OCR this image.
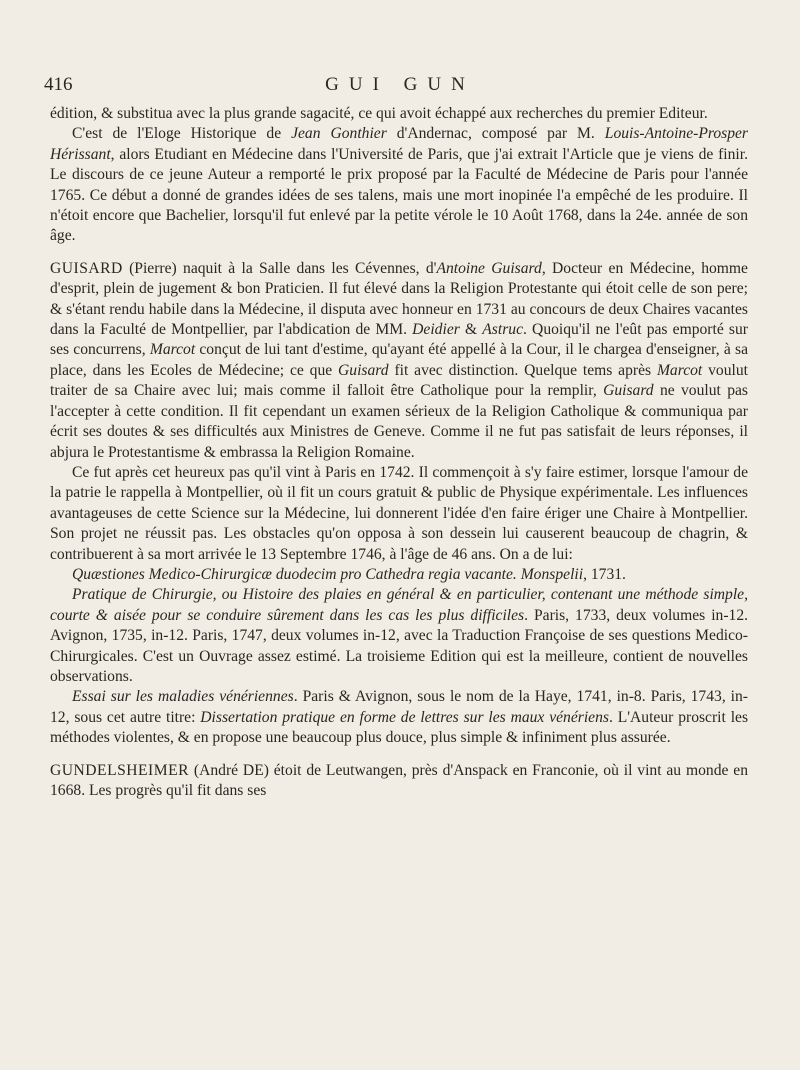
416	GUI GUN

édition, & substitua avec la plus grande sagacité, ce qui avoit échappé aux recherches du premier Editeur.

C'est de l'Eloge Historique de Jean Gonthier d'Andernac, composé par M. Louis-Antoine-Prosper Hérissant, alors Etudiant en Médecine dans l'Université de Paris, que j'ai extrait l'Article que je viens de finir. Le discours de ce jeune Auteur a remporté le prix proposé par la Faculté de Médecine de Paris pour l'année 1765. Ce début a donné de grandes idées de ses talens, mais une mort inopinée l'a empêché de les produire. Il n'étoit encore que Bachelier, lorsqu'il fut enlevé par la petite vérole le 10 Août 1768, dans la 24e. année de son âge.

GUISARD (Pierre) naquit à la Salle dans les Cévennes, d'Antoine Guisard, Docteur en Médecine, homme d'esprit, plein de jugement & bon Praticien. Il fut élevé dans la Religion Protestante qui étoit celle de son pere; & s'étant rendu habile dans la Médecine, il disputa avec honneur en 1731 au concours de deux Chaires vacantes dans la Faculté de Montpellier, par l'abdication de MM. Deidier & Astruc. Quoiqu'il ne l'eût pas emporté sur ses concurrens, Marcot conçut de lui tant d'estime, qu'ayant été appellé à la Cour, il le chargea d'enseigner, à sa place, dans les Ecoles de Médecine; ce que Guisard fit avec distinction. Quelque tems après Marcot voulut traiter de sa Chaire avec lui; mais comme il falloit être Catholique pour la remplir, Guisard ne voulut pas l'accepter à cette condition. Il fit cependant un examen sérieux de la Religion Catholique & communiqua par écrit ses doutes & ses difficultés aux Ministres de Geneve. Comme il ne fut pas satisfait de leurs réponses, il abjura le Protestantisme & embrassa la Religion Romaine.

Ce fut après cet heureux pas qu'il vint à Paris en 1742. Il commençoit à s'y faire estimer, lorsque l'amour de la patrie le rappella à Montpellier, où il fit un cours gratuit & public de Physique expérimentale. Les influences avantageuses de cette Science sur la Médecine, lui donnerent l'idée d'en faire ériger une Chaire à Montpellier. Son projet ne réussit pas. Les obstacles qu'on opposa à son dessein lui causerent beaucoup de chagrin, & contribuerent à sa mort arrivée le 13 Septembre 1746, à l'âge de 46 ans. On a de lui:

Quæstiones Medico-Chirurgicæ duodecim pro Cathedra regia vacante. Monspelii, 1731.

Pratique de Chirurgie, ou Histoire des plaies en général & en particulier, contenant une méthode simple, courte & aisée pour se conduire sûrement dans les cas les plus difficiles. Paris, 1733, deux volumes in-12. Avignon, 1735, in-12. Paris, 1747, deux volumes in-12, avec la Traduction Françoise de ses questions Medico-Chirurgicales. C'est un Ouvrage assez estimé. La troisieme Edition qui est la meilleure, contient de nouvelles observations.

Essai sur les maladies vénériennes. Paris & Avignon, sous le nom de la Haye, 1741, in-8. Paris, 1743, in-12, sous cet autre titre: Dissertation pratique en forme de lettres sur les maux vénériens. L'Auteur proscrit les méthodes violentes, & en propose une beaucoup plus douce, plus simple & infiniment plus assurée.

GUNDELSHEIMER (André DE) étoit de Leutwangen, près d'Anspack en Franconie, où il vint au monde en 1668. Les progrès qu'il fit dans ses
